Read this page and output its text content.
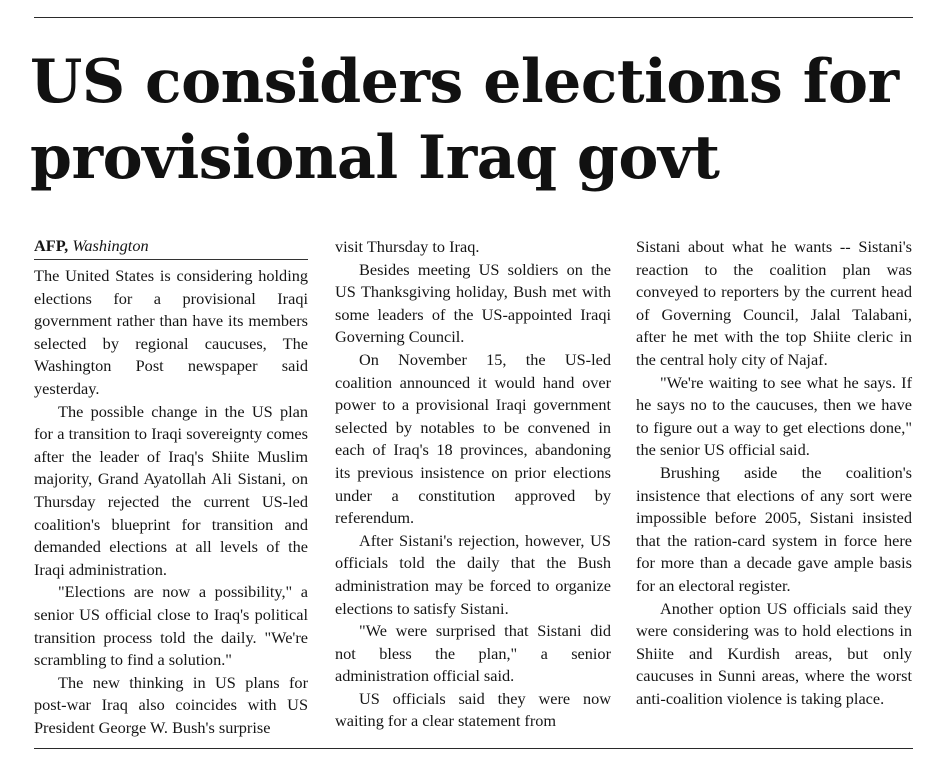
US considers elections for provisional Iraq govt
AFP, Washington

The United States is considering holding elections for a provisional Iraqi government rather than have its members selected by regional caucuses, The Washington Post newspaper said yesterday.

The possible change in the US plan for a transition to Iraqi sovereignty comes after the leader of Iraq's Shiite Muslim majority, Grand Ayatollah Ali Sistani, on Thursday rejected the current US-led coalition's blueprint for transition and demanded elections at all levels of the Iraqi administration.

"Elections are now a possibility," a senior US official close to Iraq's political transition process told the daily. "We're scrambling to find a solution."

The new thinking in US plans for post-war Iraq also coincides with US President George W. Bush's surprise

visit Thursday to Iraq.

Besides meeting US soldiers on the US Thanksgiving holiday, Bush met with some leaders of the US-appointed Iraqi Governing Council.

On November 15, the US-led coalition announced it would hand over power to a provisional Iraqi government selected by notables to be convened in each of Iraq's 18 provinces, abandoning its previous insistence on prior elections under a constitution approved by referendum.

After Sistani's rejection, however, US officials told the daily that the Bush administration may be forced to organize elections to satisfy Sistani.

"We were surprised that Sistani did not bless the plan," a senior administration official said.

US officials said they were now waiting for a clear statement from

Sistani about what he wants -- Sistani's reaction to the coalition plan was conveyed to reporters by the current head of Governing Council, Jalal Talabani, after he met with the top Shiite cleric in the central holy city of Najaf.

"We're waiting to see what he says. If he says no to the caucuses, then we have to figure out a way to get elections done," the senior US official said.

Brushing aside the coalition's insistence that elections of any sort were impossible before 2005, Sistani insisted that the ration-card system in force here for more than a decade gave ample basis for an electoral register.

Another option US officials said they were considering was to hold elections in Shiite and Kurdish areas, but only caucuses in Sunni areas, where the worst anti-coalition violence is taking place.
